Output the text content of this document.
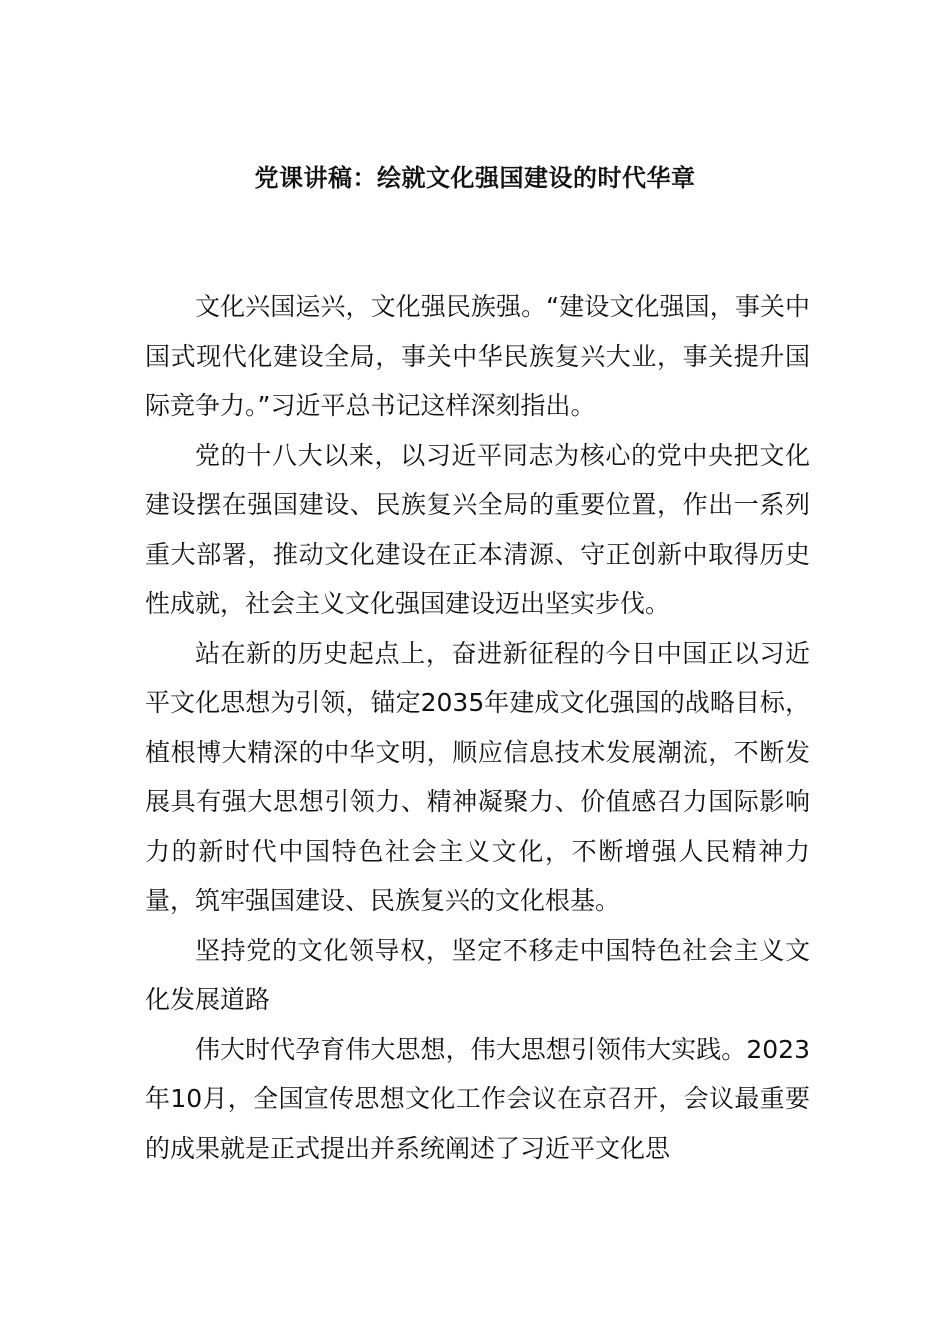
党课讲稿：绘就文化强国建设的时代华章

文化兴国运兴，文化强民族强。“建设文化强国，事关中国式现代化建设全局，事关中华民族复兴大业，事关提升国际竞争力。”习近平总书记这样深刻指出。

党的十八大以来，以习近平同志为核心的党中央把文化建设摆在强国建设、民族复兴全局的重要位置，作出一系列重大部署，推动文化建设在正本清源、守正创新中取得历史性成就，社会主义文化强国建设迈出坚实步伐。

站在新的历史起点上，奋进新征程的今日中国正以习近平文化思想为引领，锚定2035年建成文化强国的战略目标，植根博大精深的中华文明，顺应信息技术发展潮流，不断发展具有强大思想引领力、精神凝聚力、价值感召力国际影响力的新时代中国特色社会主义文化，不断增强人民精神力量，筑牢强国建设、民族复兴的文化根基。

坚持党的文化领导权，坚定不移走中国特色社会主义文化发展道路

伟大时代孕育伟大思想，伟大思想引领伟大实践。2023年10月，全国宣传思想文化工作会议在京召开，会议最重要的成果就是正式提出并系统阐述了习近平文化思
